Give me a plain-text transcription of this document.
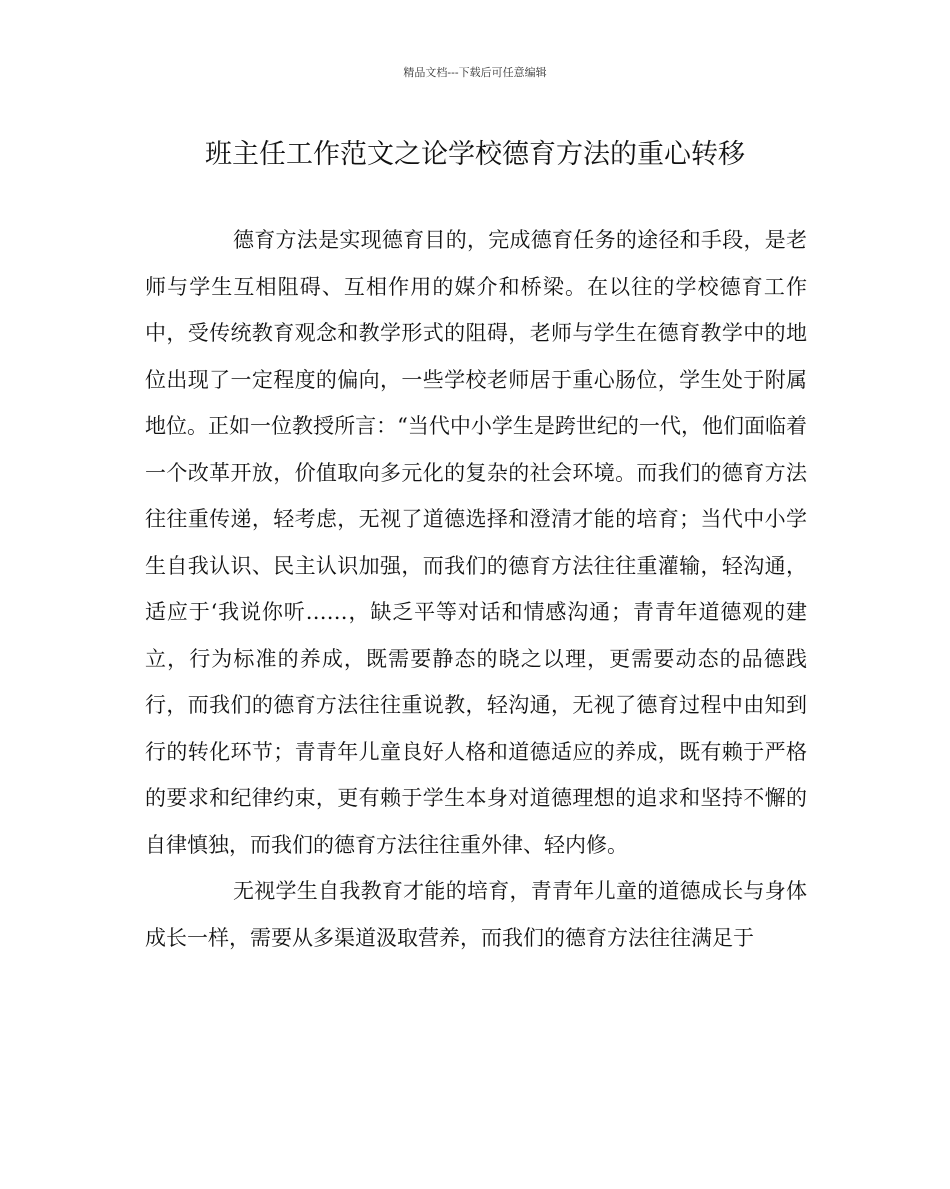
精品文档---下载后可任意编辑
班主任工作范文之论学校德育方法的重心转移

德育方法是实现德育目的，完成德育任务的途径和手段，是老师与学生互相阻碍、互相作用的媒介和桥梁。在以往的学校德育工作中，受传统教育观念和教学形式的阻碍，老师与学生在德育教学中的地位出现了一定程度的偏向，一些学校老师居于重心肠位，学生处于附属地位。正如一位教授所言：“当代中小学生是跨世纪的一代，他们面临着一个改革开放，价值取向多元化的复杂的社会环境。而我们的德育方法往往重传递，轻考虑，无视了道德选择和澄清才能的培育；当代中小学生自我认识、民主认识加强，而我们的德育方法往往重灌输，轻沟通，适应于‘我说你听……，缺乏平等对话和情感沟通；青青年道德观的建立，行为标准的养成，既需要静态的晓之以理，更需要动态的品德践行，而我们的德育方法往往重说教，轻沟通，无视了德育过程中由知到行的转化环节；青青年儿童良好人格和道德适应的养成，既有赖于严格的要求和纪律约束，更有赖于学生本身对道德理想的追求和坚持不懈的自律慎独，而我们的德育方法往往重外律、轻内修。

无视学生自我教育才能的培育，青青年儿童的道德成长与身体成长一样，需要从多渠道汲取营养，而我们的德育方法往往满足于
